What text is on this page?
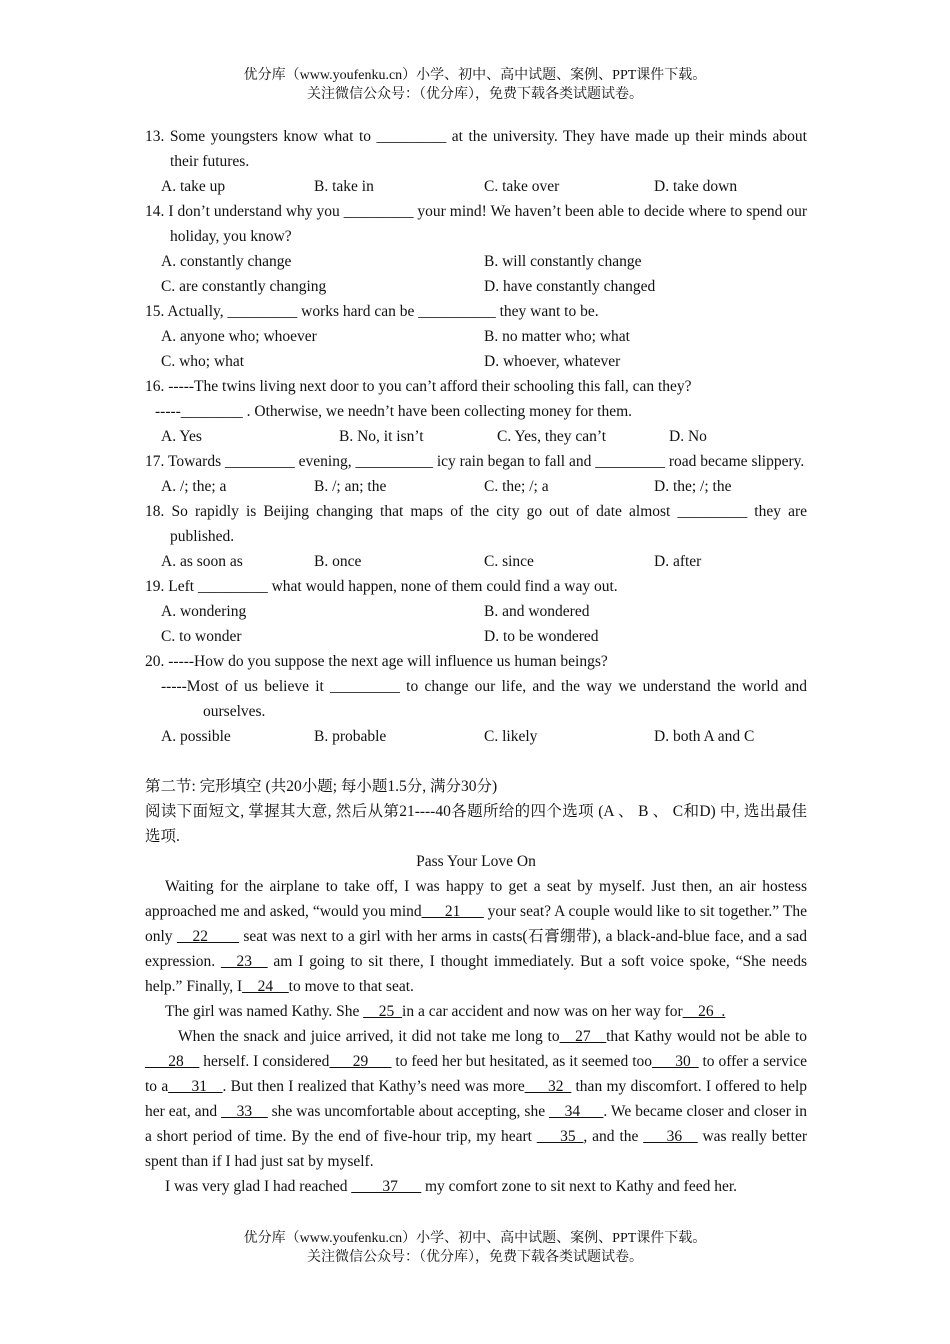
优分库（www.youfenku.cn）小学、初中、高中试题、案例、PPT课件下载。
关注微信公众号：（优分库），免费下载各类试题试卷。
13. Some youngsters know what to _________ at the university. They have made up their minds about their futures.
A. take up	B. take in	C. take over	D. take down
14. I don’t understand why you _________ your mind! We haven’t been able to decide where to spend our holiday, you know?
A. constantly change	B. will constantly change
C. are constantly changing	D. have constantly changed
15. Actually, _________ works hard can be __________ they want to be.
A. anyone who; whoever	B. no matter who; what
C. who; what	D. whoever, whatever
16. -----The twins living next door to you can’t afford their schooling this fall, can they?
-----________ . Otherwise, we needn’t have been collecting money for them.
A. Yes	B. No, it isn’t	C. Yes, they can’t	D. No
17. Towards _________ evening, __________ icy rain began to fall and _________ road became slippery.
A. /; the; a	B. /; an; the	C. the; /; a	D. the; /; the
18. So rapidly is Beijing changing that maps of the city go out of date almost _________ they are published.
A. as soon as	B. once	C. since	D. after
19. Left _________ what would happen, none of them could find a way out.
A. wondering	B. and wondered
C. to wonder	D. to be wondered
20. -----How do you suppose the next age will influence us human beings?
-----Most of us believe it _________ to change our life, and the way we understand the world and ourselves.
A. possible	B. probable	C. likely	D. both A and C
第二节: 完形填空 (共20小题; 每小题1.5分, 满分30分)
阅读下面短文, 掌握其大意, 然后从第21----40各题所给的四个选项 (A 、 B 、 C和D) 中, 选出最佳选项.
Pass Your Love On
Waiting for the airplane to take off, I was happy to get a seat by myself. Just then, an air hostess approached me and asked, “would you mind___21___ your seat? A couple would like to sit together.” The only __22____ seat was next to a girl with her arms in casts(石膏绷带), a black-and-blue face, and a sad expression. __23__ am I going to sit there, I thought immediately. But a soft voice spoke, “She needs help.” Finally, I__24__to move to that seat.
The girl was named Kathy. She __25_in a car accident and now was on her way for__26_.
When the snack and juice arrived, it did not take me long to__27__that Kathy would not be able to ___28__ herself. I considered___29___ to feed her but hesitated, as it seemed too___30_ to offer a service to a___31__. But then I realized that Kathy’s need was more___32_ than my discomfort. I offered to help her eat, and __33__ she was uncomfortable about accepting, she __34___. We became closer and closer in a short period of time. By the end of five-hour trip, my heart ___35_, and the ___36__ was really better spent than if I had just sat by myself.
I was very glad I had reached ____37___ my comfort zone to sit next to Kathy and feed her.
优分库（www.youfenku.cn）小学、初中、高中试题、案例、PPT课件下载。
关注微信公众号：（优分库），免费下载各类试题试卷。
